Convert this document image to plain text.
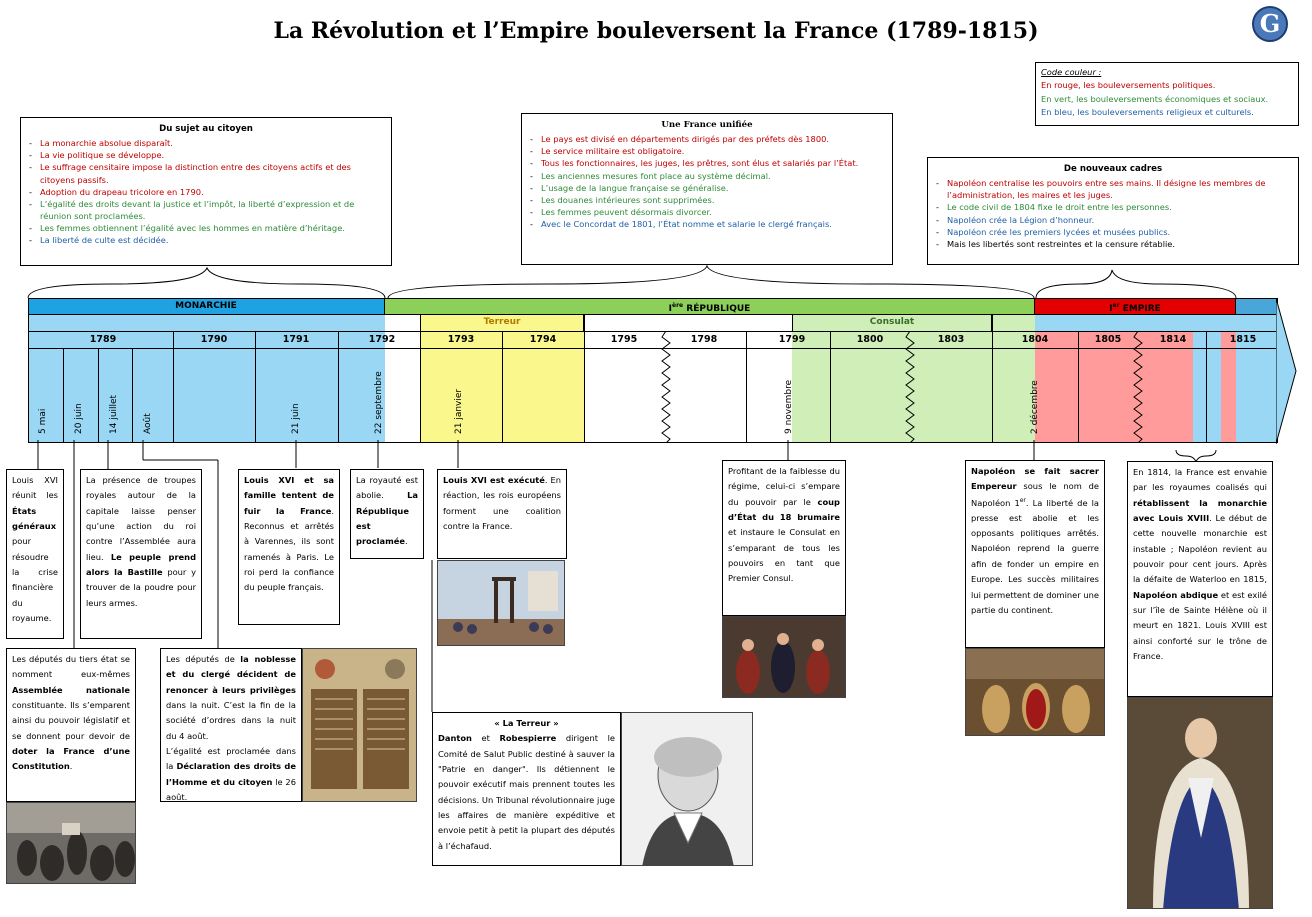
La Révolution et l’Empire bouleversent la France (1789-1815)	G
Code couleur :
En rouge, les bouleversements politiques.
En vert, les bouleversements économiques et sociaux.
En bleu, les bouleversements religieux et culturels.
Du sujet au citoyen
- La monarchie absolue disparaît.
- La vie politique se développe.
- Le suffrage censitaire impose la distinction entre des citoyens actifs et des citoyens passifs.
- Adoption du drapeau tricolore en 1790.
- L’égalité des droits devant la justice et l’impôt, la liberté d’expression et de réunion sont proclamées.
- Les femmes obtiennent l’égalité avec les hommes en matière d’héritage.
- La liberté de culte est décidée.
Une France unifiée
- Le pays est divisé en départements dirigés par des préfets dès 1800.
- Le service militaire est obligatoire.
- Tous les fonctionnaires, les juges, les prêtres, sont élus et salariés par l’État.
- Les anciennes mesures font place au système décimal.
- L’usage de la langue française se généralise.
- Les douanes intérieures sont supprimées.
- Les femmes peuvent désormais divorcer.
- Avec le Concordat de 1801, l’État nomme et salarie le clergé français.
De nouveaux cadres
- Napoléon centralise les pouvoirs entre ses mains. Il désigne les membres de l’administration, les maires et les juges.
- Le code civil de 1804 fixe le droit entre les personnes.
- Napoléon crée la Légion d’honneur.
- Napoléon crée les premiers lycées et musées publics.
- Mais les libertés sont restreintes et la censure rétablie.
MONARCHIE	Ière RÉPUBLIQUE	Ier EMPIRE
Terreur	Consulat
1789	1790	1791	1792	1793	1794	1795	1798	1799	1800	1803	1804	1805	1814	1815
5 mai	20 juin	14 juillet	Août	21 juin	22 septembre	21 janvier	9 novembre	2 décembre
Louis XVI réunit les États généraux pour résoudre la crise financière du royaume.
La présence de troupes royales autour de la capitale laisse penser qu’une action du roi contre l’Assemblée aura lieu. Le peuple prend alors la Bastille pour y trouver de la poudre pour leurs armes.
Louis XVI et sa famille tentent de fuir la France. Reconnus et arrêtés à Varennes, ils sont ramenés à Paris. Le roi perd la confiance du peuple français.
La royauté est abolie. La République est proclamée.
Louis XVI est exécuté. En réaction, les rois européens forment une coalition contre la France.
Profitant de la faiblesse du régime, celui-ci s’empare du pouvoir par le coup d’État du 18 brumaire et instaure le Consulat en s’emparant de tous les pouvoirs en tant que Premier Consul.
Napoléon se fait sacrer Empereur sous le nom de Napoléon 1er. La liberté de la presse est abolie et les opposants politiques arrêtés. Napoléon reprend la guerre afin de fonder un empire en Europe. Les succès militaires lui permettent de dominer une partie du continent.
En 1814, la France est envahie par les royaumes coalisés qui rétablissent la monarchie avec Louis XVIII. Le début de cette nouvelle monarchie est instable ; Napoléon revient au pouvoir pour cent jours. Après la défaite de Waterloo en 1815, Napoléon abdique et est exilé sur l’île de Sainte Hélène où il meurt en 1821. Louis XVIII est ainsi conforté sur le trône de France.
Les députés du tiers état se nomment eux-mêmes Assemblée nationale constituante. Ils s’emparent ainsi du pouvoir législatif et se donnent pour devoir de doter la France d’une Constitution.
Les députés de la noblesse et du clergé décident de renoncer à leurs privilèges dans la nuit. C’est la fin de la société d’ordres dans la nuit du 4 août.
L’égalité est proclamée dans la Déclaration des droits de l’Homme et du citoyen le 26 août.
« La Terreur »
Danton et Robespierre dirigent le Comité de Salut Public destiné à sauver la "Patrie en danger". Ils détiennent le pouvoir exécutif mais prennent toutes les décisions. Un Tribunal révolutionnaire juge les affaires de manière expéditive et envoie petit à petit la plupart des députés à l’échafaud.
